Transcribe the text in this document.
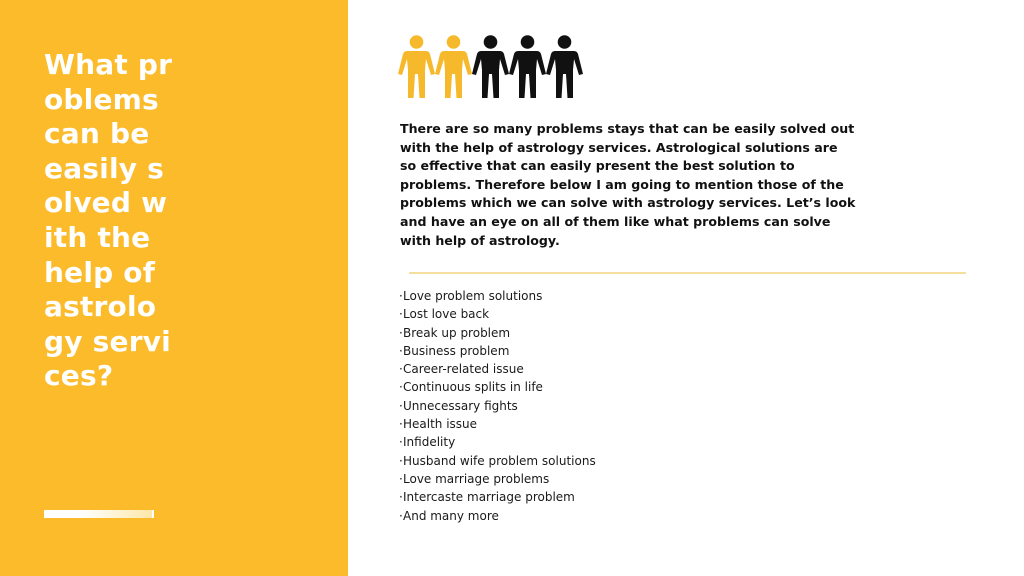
What problems can be easily solved with the help of astrology services?

There are so many problems stays that can be easily solved out with the help of astrology services. Astrological solutions are so effective that can easily present the best solution to problems. Therefore below I am going to mention those of the problems which we can solve with astrology services. Let’s look and have an eye on all of them like what problems can solve with help of astrology.

·Love problem solutions
·Lost love back
·Break up problem
·Business problem
·Career-related issue
·Continuous splits in life
·Unnecessary fights
·Health issue
·Infidelity
·Husband wife problem solutions
·Love marriage problems
·Intercaste marriage problem
·And many more
